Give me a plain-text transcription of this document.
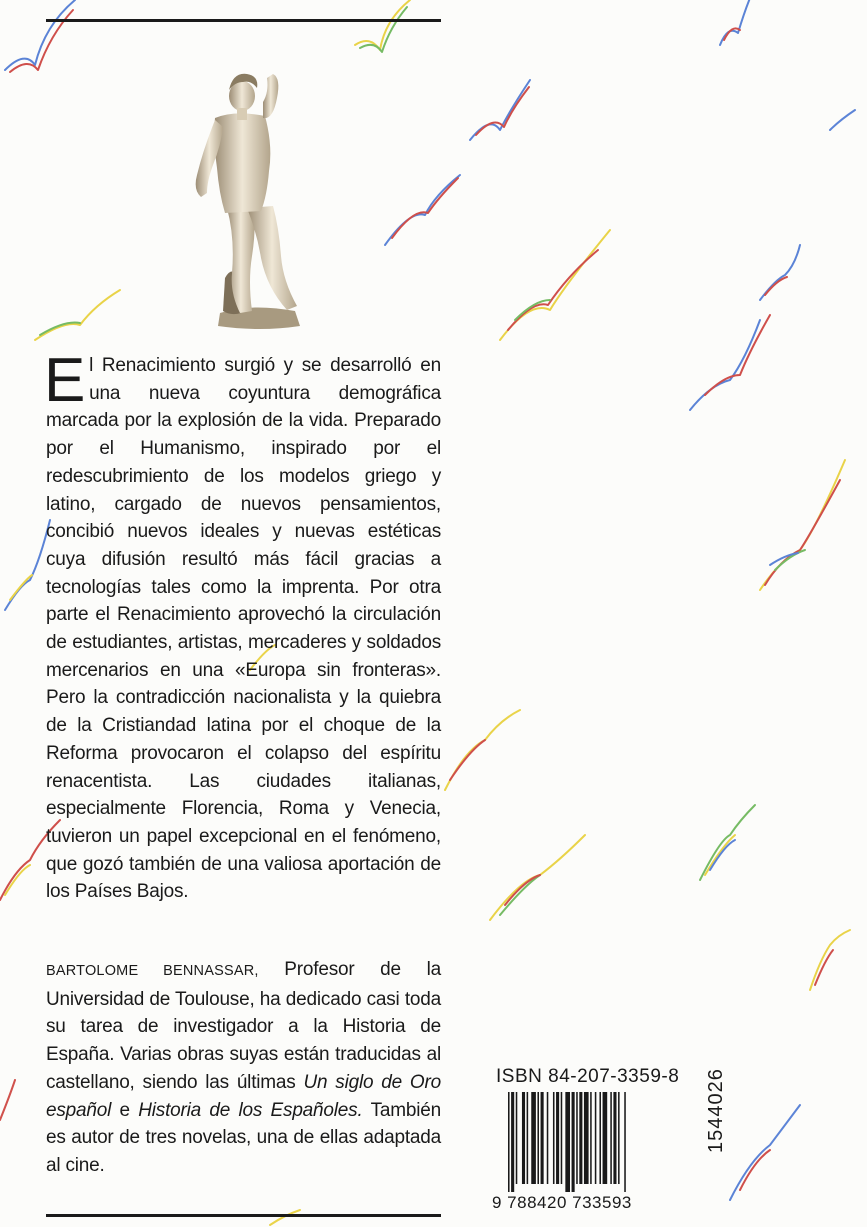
El Renacimiento surgió y se desarrolló en una nueva coyuntura demográfica marcada por la explosión de la vida. Preparado por el Humanismo, inspirado por el redescubrimiento de los modelos griego y latino, cargado de nuevos pensamientos, concibió nuevos ideales y nuevas estéticas cuya difusión resultó más fácil gracias a tecnologías tales como la imprenta. Por otra parte el Renacimiento aprovechó la circulación de estudiantes, artistas, mercaderes y soldados mercenarios en una «Europa sin fronteras». Pero la contradicción nacionalista y la quiebra de la Cristiandad latina por el choque de la Reforma provocaron el colapso del espíritu renacentista. Las ciudades italianas, especialmente Florencia, Roma y Venecia, tuvieron un papel excepcional en el fenómeno, que gozó también de una valiosa aportación de los Países Bajos.

BARTOLOME BENNASSAR, Profesor de la Universidad de Toulouse, ha dedicado casi toda su tarea de investigador a la Historia de España. Varias obras suyas están traducidas al castellano, siendo las últimas Un siglo de Oro español e Historia de los Españoles. También es autor de tres novelas, una de ellas adaptada al cine.

ISBN 84-207-3359-8
9 788420 733593
1544026
